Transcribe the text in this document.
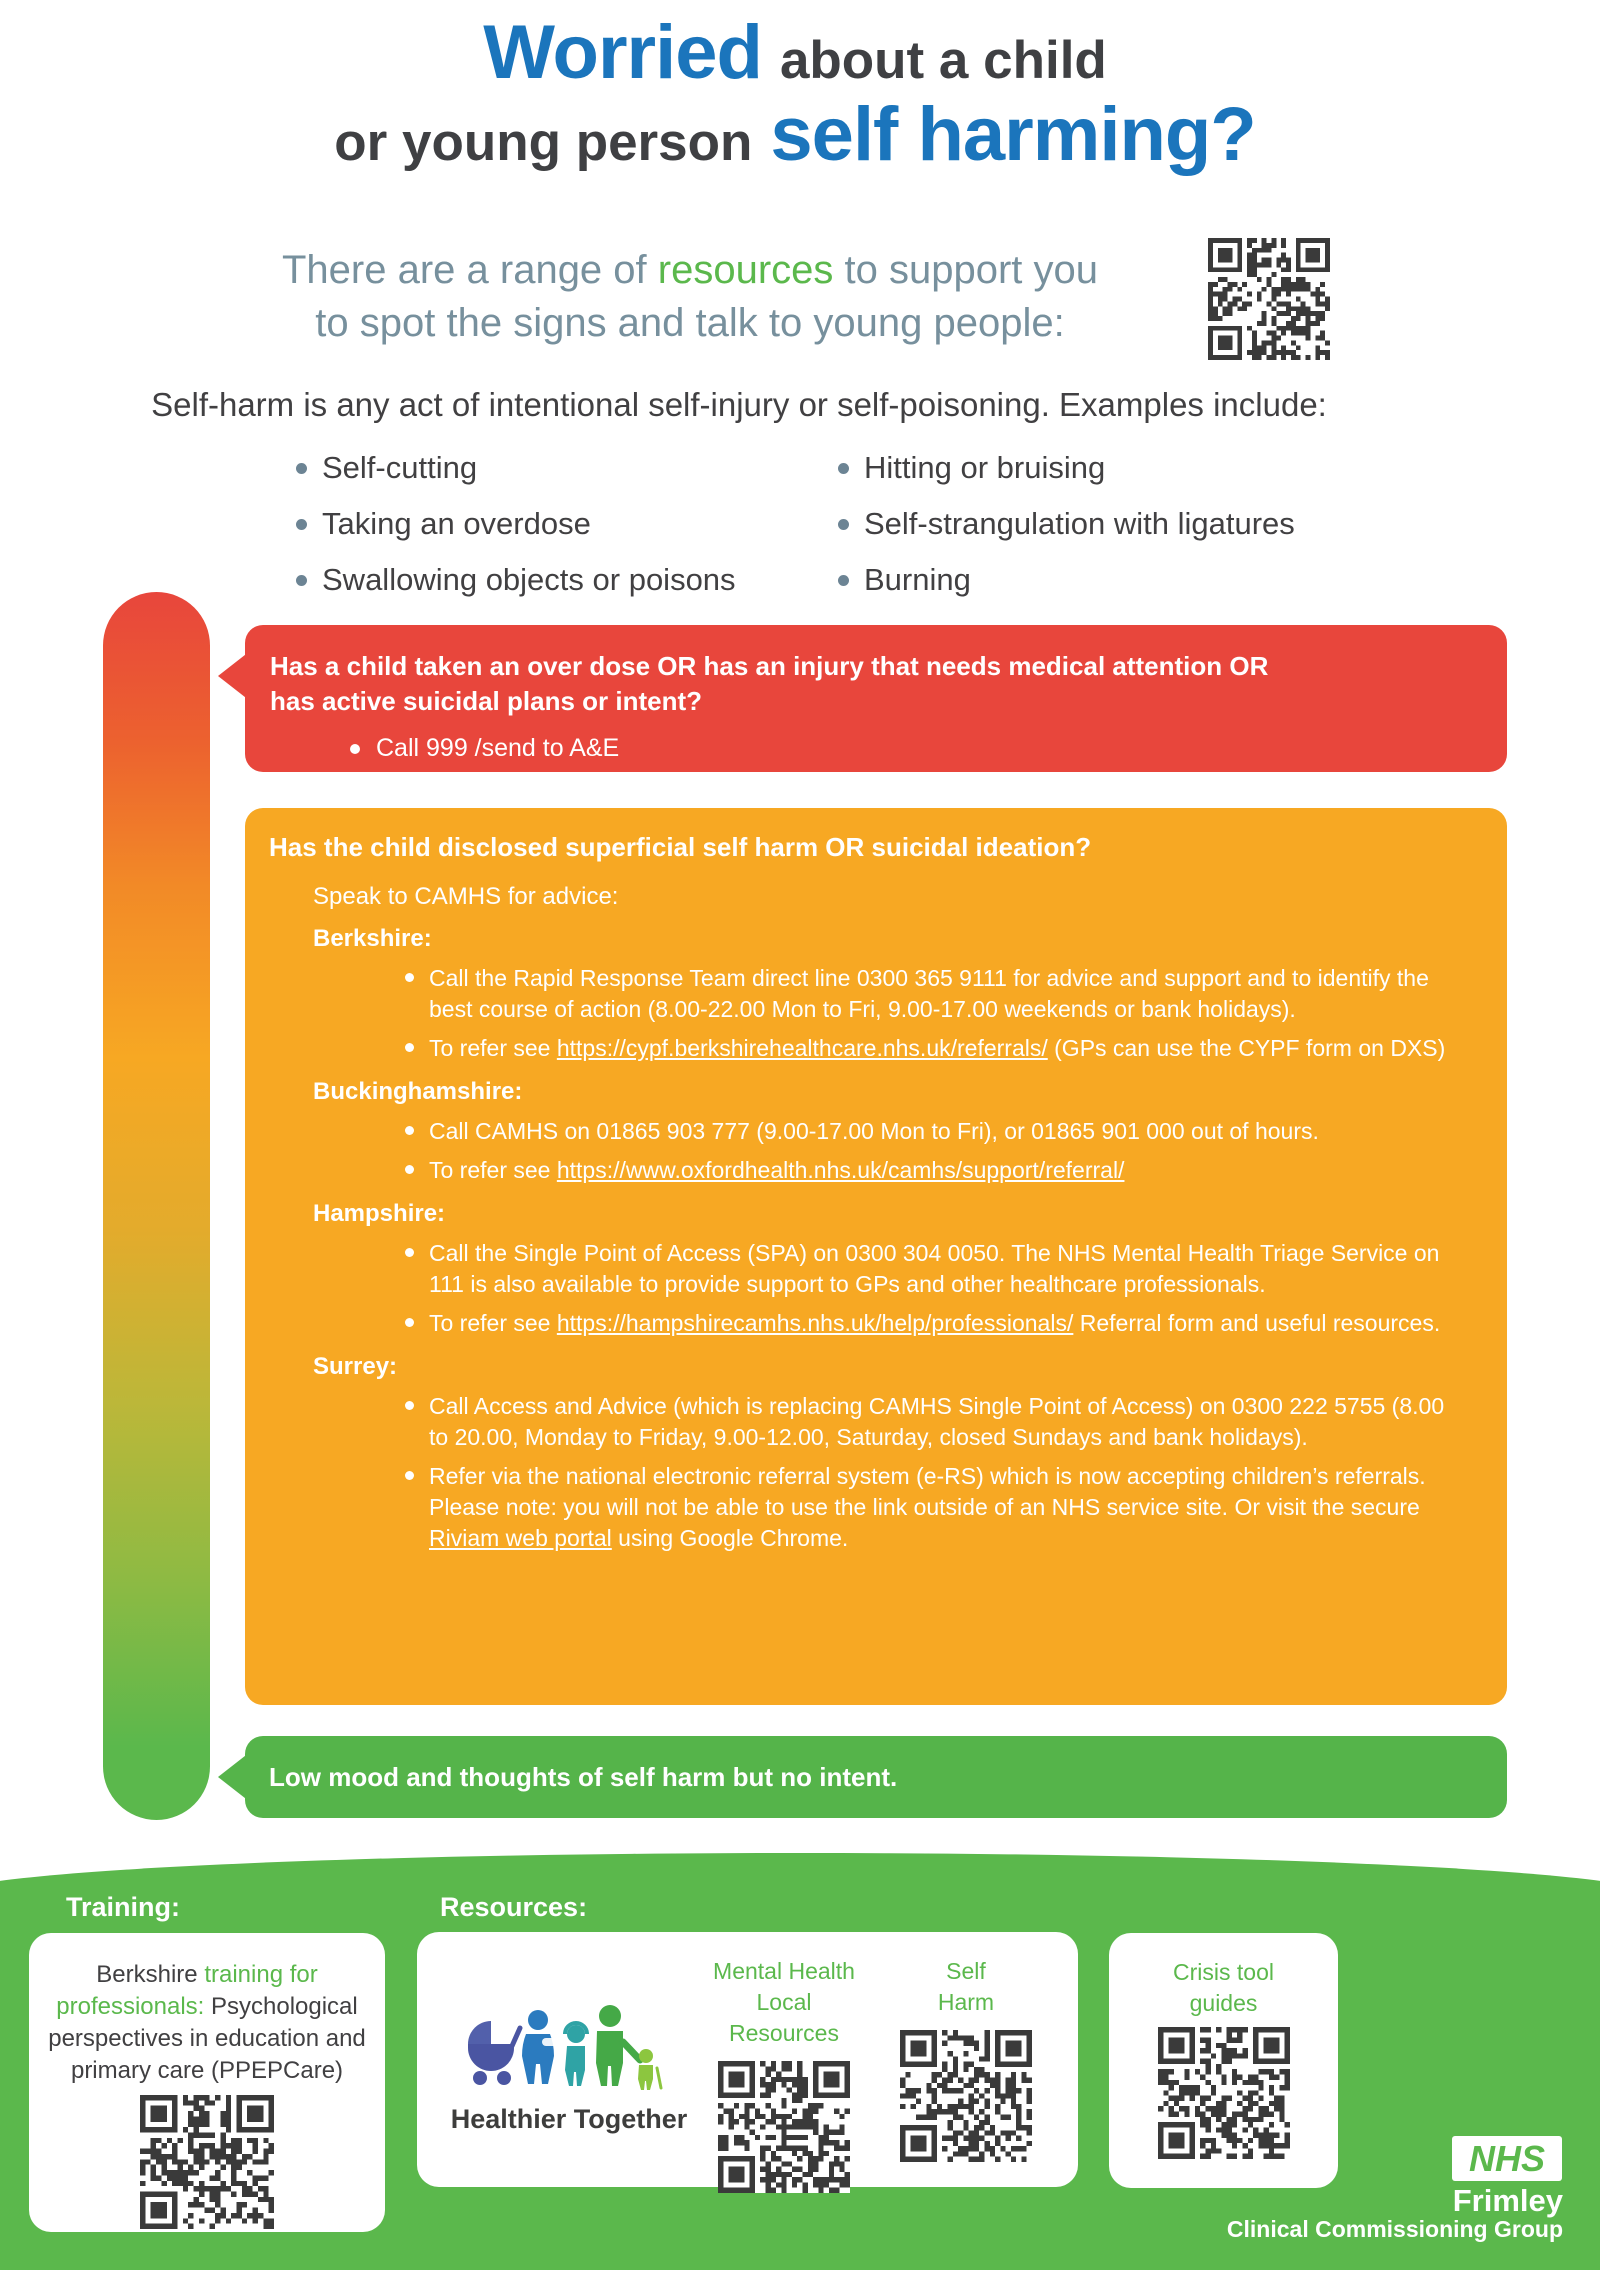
Worried about a child
or young person self harming?
There are a range of resources to support you
to spot the signs and talk to young people:
Self-harm is any act of intentional self-injury or self-poisoning. Examples include:
Self-cutting
Taking an overdose
Swallowing objects or poisons
Hitting or bruising
Self-strangulation with ligatures
Burning
Has a child taken an over dose OR has an injury that needs medical attention OR has active suicidal plans or intent?
Call 999 /send to A&E
Has the child disclosed superficial self harm OR suicidal ideation?
Speak to CAMHS for advice:
Berkshire:
Call the Rapid Response Team direct line 0300 365 9111 for advice and support and to identify the best course of action (8.00-22.00 Mon to Fri, 9.00-17.00 weekends or bank holidays).
To refer see https://cypf.berkshirehealthcare.nhs.uk/referrals/ (GPs can use the CYPF form on DXS)
Buckinghamshire:
Call CAMHS on 01865 903 777 (9.00-17.00 Mon to Fri), or 01865 901 000 out of hours.
To refer see https://www.oxfordhealth.nhs.uk/camhs/support/referral/
Hampshire:
Call the Single Point of Access (SPA) on 0300 304 0050. The NHS Mental Health Triage Service on 111 is also available to provide support to GPs and other healthcare professionals.
To refer see https://hampshirecamhs.nhs.uk/help/professionals/ Referral form and useful resources.
Surrey:
Call Access and Advice (which is replacing CAMHS Single Point of Access) on 0300 222 5755 (8.00 to 20.00, Monday to Friday, 9.00-12.00, Saturday, closed Sundays and bank holidays).
Refer via the national electronic referral system (e-RS) which is now accepting children’s referrals. Please note: you will not be able to use the link outside of an NHS service site. Or visit the secure Riviam web portal using Google Chrome.
Low mood and thoughts of self harm but no intent.
Training:	Resources:
Berkshire training for professionals: Psychological perspectives in education and primary care (PPEPCare)
Healthier Together
Mental Health Local Resources
Self Harm
Crisis tool guides
NHS
Frimley
Clinical Commissioning Group
